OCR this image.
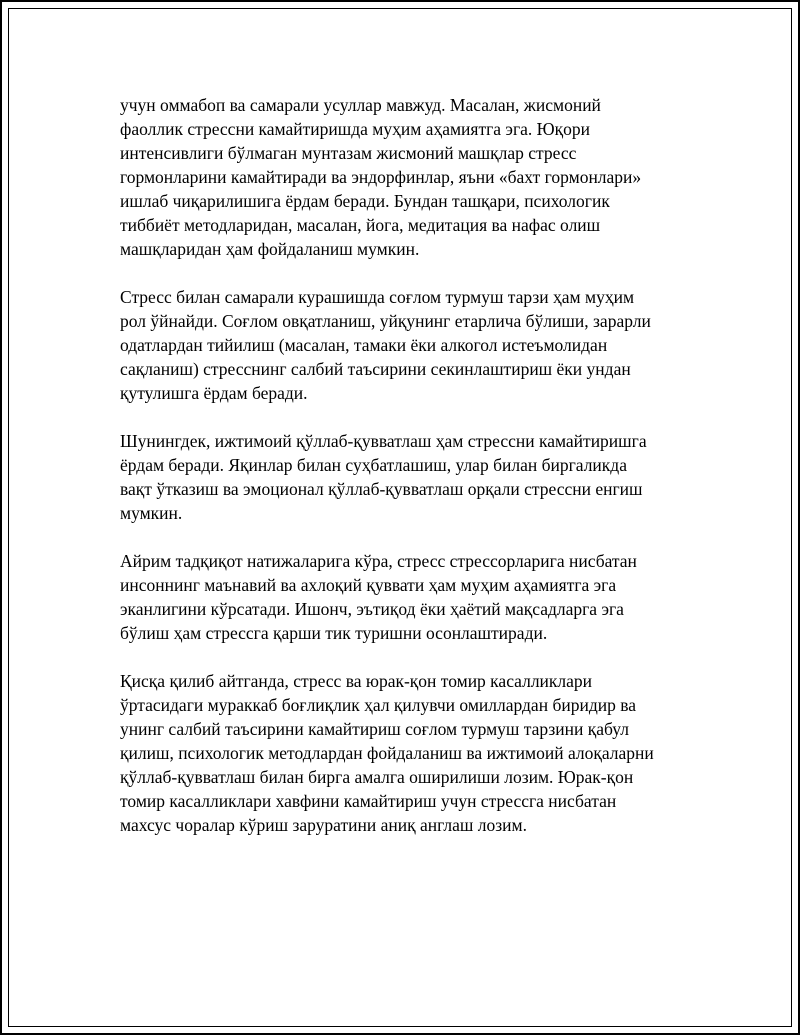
учун оммабоп ва самарали усуллар мавжуд. Масалан, жисмоний
фаоллик стрессни камайтиришда муҳим аҳамиятга эга. Юқори
интенсивлиги бўлмаган мунтазам жисмоний машқлар стресс
гормонларини камайтиради ва эндорфинлар, яъни «бахт гормонлари»
ишлаб чиқарилишига ёрдам беради. Бундан ташқари, психологик
тиббиёт методларидан, масалан, йога, медитация ва нафас олиш
машқларидан ҳам фойдаланиш мумкин.

Стресс билан самарали курашишда соғлом турмуш тарзи ҳам муҳим
рол ўйнайди. Соғлом овқатланиш, уйқунинг етарлича бўлиши, зарарли
одатлардан тийилиш (масалан, тамаки ёки алкогол истеъмолидан
сақланиш) стресснинг салбий таъсирини секинлаштириш ёки ундан
қутулишга ёрдам беради.

Шунингдек, ижтимоий қўллаб-қувватлаш ҳам стрессни камайтиришга
ёрдам беради. Яқинлар билан суҳбатлашиш, улар билан биргаликда
вақт ўтказиш ва эмоционал қўллаб-қувватлаш орқали стрессни енгиш
мумкин.

Айрим тадқиқот натижаларига кўра, стресс стрессорларига нисбатан
инсоннинг маънавий ва ахлоқий қуввати ҳам муҳим аҳамиятга эга
эканлигини кўрсатади. Ишонч, эътиқод ёки ҳаётий мақсадларга эга
бўлиш ҳам стрессга қарши тик туришни осонлаштиради.

Қисқа қилиб айтганда, стресс ва юрак-қон томир касалликлари
ўртасидаги мураккаб боғлиқлик ҳал қилувчи омиллардан биридир ва
унинг салбий таъсирини камайтириш соғлом турмуш тарзини қабул
қилиш, психологик методлардан фойдаланиш ва ижтимоий алоқаларни
қўллаб-қувватлаш билан бирга амалга оширилиши лозим. Юрак-қон
томир касалликлари хавфини камайтириш учун стрессга нисбатан
махсус чоралар кўриш заруратини аниқ англаш лозим.
